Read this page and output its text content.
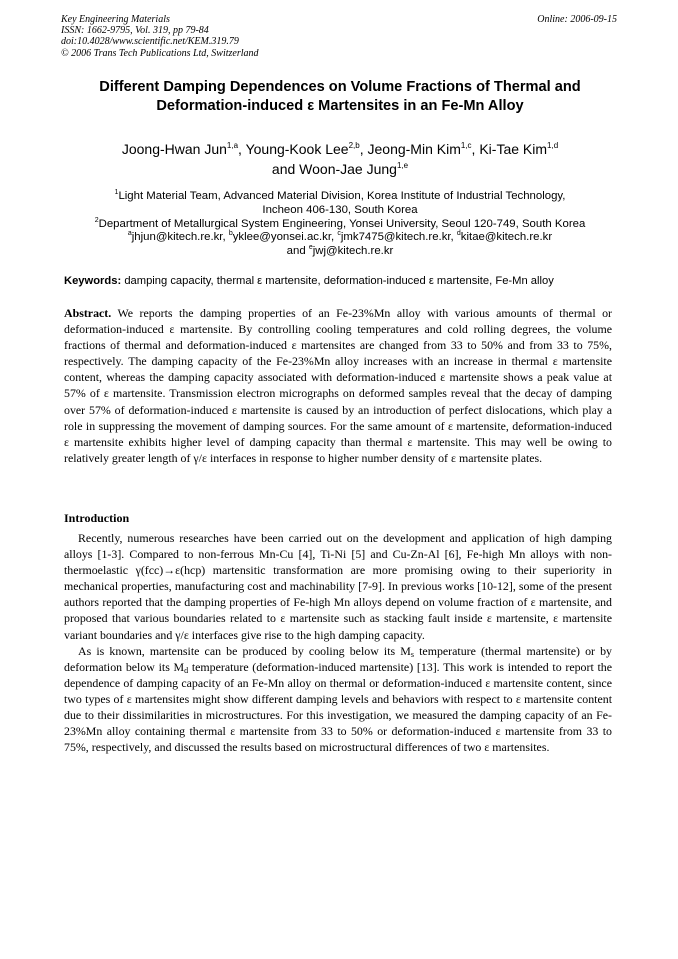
Key Engineering Materials
ISSN: 1662-9795, Vol. 319, pp 79-84
doi:10.4028/www.scientific.net/KEM.319.79
© 2006 Trans Tech Publications Ltd, Switzerland
Online: 2006-09-15
Different Damping Dependences on Volume Fractions of Thermal and
Deformation-induced ε Martensites in an Fe-Mn Alloy
Joong-Hwan Jun$^{1,a}$, Young-Kook Lee$^{2,b}$, Jeong-Min Kim$^{1,c}$, Ki-Tae Kim$^{1,d}$
and Woon-Jae Jung$^{1,e}$
$^1$Light Material Team, Advanced Material Division, Korea Institute of Industrial Technology,
Incheon 406-130, South Korea
$^2$Department of Metallurgical System Engineering, Yonsei University, Seoul 120-749, South Korea
$^a$jhjun@kitech.re.kr, $^b$yklee@yonsei.ac.kr, $^c$jmk7475@kitech.re.kr, $^d$kitae@kitech.re.kr
and $^e$jwj@kitech.re.kr
Keywords: damping capacity, thermal ε martensite, deformation-induced ε martensite, Fe-Mn alloy
Abstract. We reports the damping properties of an Fe-23%Mn alloy with various amounts of thermal or deformation-induced ε martensite. By controlling cooling temperatures and cold rolling degrees, the volume fractions of thermal and deformation-induced ε martensites are changed from 33 to 50% and from 33 to 75%, respectively. The damping capacity of the Fe-23%Mn alloy increases with an increase in thermal ε martensite content, whereas the damping capacity associated with deformation-induced ε martensite shows a peak value at 57% of ε martensite. Transmission electron micrographs on deformed samples reveal that the decay of damping over 57% of deformation-induced ε martensite is caused by an introduction of perfect dislocations, which play a role in suppressing the movement of damping sources. For the same amount of ε martensite, deformation-induced ε martensite exhibits higher level of damping capacity than thermal ε martensite. This may well be owing to relatively greater length of γ/ε interfaces in response to higher number density of ε martensite plates.
Introduction

Recently, numerous researches have been carried out on the development and application of high damping alloys [1-3]. Compared to non-ferrous Mn-Cu [4], Ti-Ni [5] and Cu-Zn-Al [6], Fe-high Mn alloys with non-thermoelastic γ(fcc)→ε(hcp) martensitic transformation are more promising owing to their superiority in mechanical properties, manufacturing cost and machinability [7-9]. In previous works [10-12], some of the present authors reported that the damping properties of Fe-high Mn alloys depend on volume fraction of ε martensite, and proposed that various boundaries related to ε martensite such as stacking fault inside ε martensite, ε martensite variant boundaries and γ/ε interfaces give rise to the high damping capacity.

As is known, martensite can be produced by cooling below its $M_s$ temperature (thermal martensite) or by deformation below its $M_d$ temperature (deformation-induced martensite) [13]. This work is intended to report the dependence of damping capacity of an Fe-Mn alloy on thermal or deformation-induced ε martensite content, since two types of ε martensites might show different damping levels and behaviors with respect to ε martensite content due to their dissimilarities in microstructures. For this investigation, we measured the damping capacity of an Fe-23%Mn alloy containing thermal ε martensite from 33 to 50% or deformation-induced ε martensite from 33 to 75%, respectively, and discussed the results based on microstructural differences of two ε martensites.
